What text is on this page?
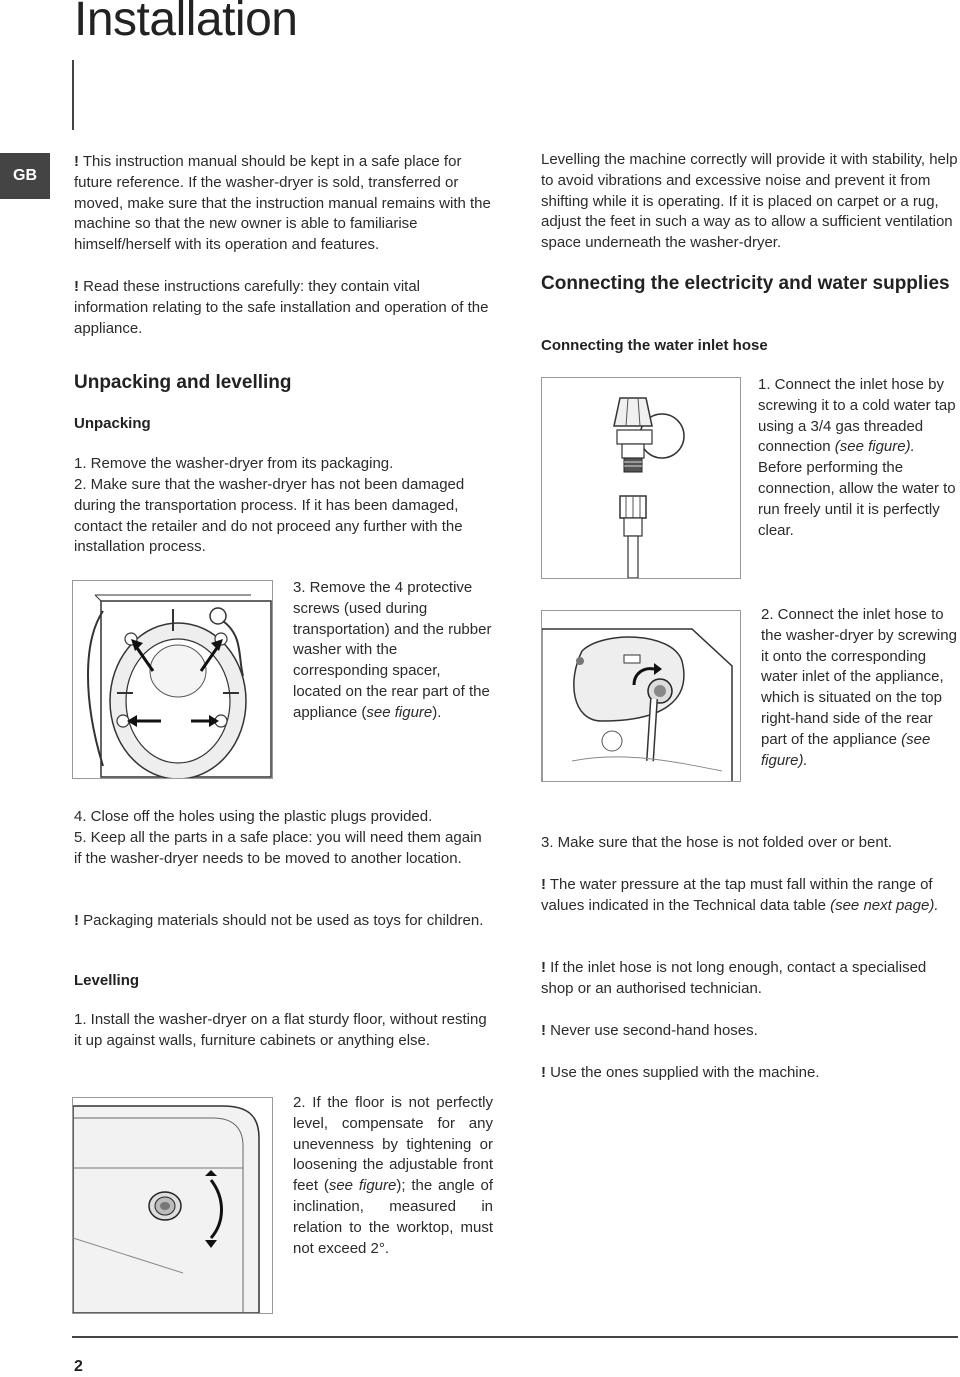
Installation
GB

! This instruction manual should be kept in a safe place for future reference. If the washer-dryer is sold, transferred or moved, make sure that the instruction manual remains with the machine so that the new owner is able to familiarise himself/herself with its operation and features.

! Read these instructions carefully: they contain vital information relating to the safe installation and operation of the appliance.

Unpacking and levelling
Unpacking

1. Remove the washer-dryer from its packaging.

2. Make sure that the washer-dryer has not been damaged during the transportation process. If it has been damaged, contact the retailer and do not proceed any further with the installation process.

3. Remove the 4 protective screws (used during transportation) and the rubber washer with the corresponding spacer, located on the rear part of the appliance (see figure).

4. Close off the holes using the plastic plugs provided.

5. Keep all the parts in a safe place: you will need them again if the washer-dryer needs to be moved to another location.

! Packaging materials should not be used as toys for children.

Levelling

1. Install the washer-dryer on a flat sturdy floor, without resting it up against walls, furniture cabinets or anything else.

2. If the floor is not perfectly level, compensate for any unevenness by tightening or loosening the adjustable front feet (see figure); the angle of inclination, measured in relation to the worktop, must not exceed 2°.

Levelling the machine correctly will provide it with stability, help to avoid vibrations and excessive noise and prevent it from shifting while it is operating. If it is placed on carpet or a rug, adjust the feet in such a way as to allow a sufficient ventilation space underneath the washer-dryer.

Connecting the electricity and water supplies
Connecting the water inlet hose

1. Connect the inlet hose by screwing it to a cold water tap using a 3/4 gas threaded connection (see figure).
Before performing the connection, allow the water to run freely until it is perfectly clear.

2. Connect the inlet hose to the washer-dryer by screwing it onto the corresponding water inlet of the appliance, which is situated on the top right-hand side of the rear part of the appliance (see figure).

3. Make sure that the hose is not folded over or bent.

! The water pressure at the tap must fall within the range of values indicated in the Technical data table (see next page).

! If the inlet hose is not long enough, contact a specialised shop or an authorised technician.

! Never use second-hand hoses.

! Use the ones supplied with the machine.

2
